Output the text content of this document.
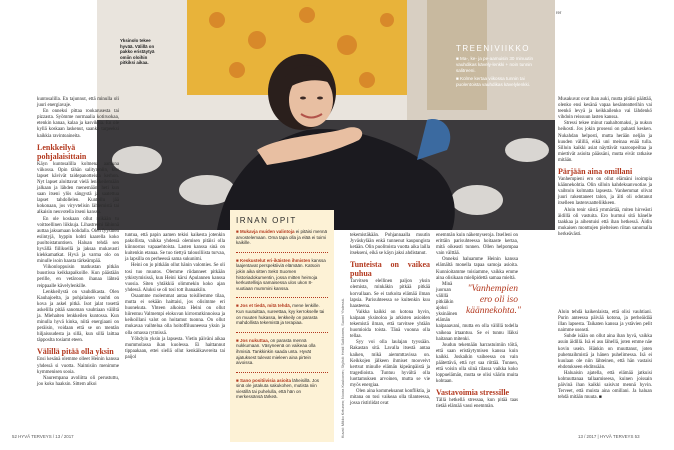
Yksinolo tekee hyvää. Välillä on pakko eristäytyä omiin oloihin pitkiksi aikaa.
rer
TREENIVIIKKO
■ Ma-, ke- ja pe-aamuisin 30 minuutin vauhdikas kävely-lenkki + noin tunnin salitreeni.
■ Kolme kertaa viikossa tunnin tai puolentoista vauhdikas kävelylenkki.

kuntosalilla. En tajunnut, että minulla oli juuri energiavaje.

En onneksi pittaa rookarusesta tai pizzasta. Syömme normaalia kotiruokaa, etenkin kanaa, kalaa ja kasviksia. En ole kyllä koskaan laskenut, saanko tarpeeksi kaikkia ravintoaineita.

Lenkkeilyä pohjalaisittain

Käyn kuntosalilla kolmena aamuna viikossa. Opin tähän salityreniin, kun lapset kävivät taidepanotteista kerhon. Nyt lapset aloittavat vielä lenkkeilemään jalkaan ja lähden menemään, heti kun saan itseni ylös sängystä ja saatettua lapset tahdollelen. Kuntoilu jää kokonaan, jos viryvtelisin lähtemistä tai alkaisin neuvotella itseni kanssa.

En ole koskaan ollut mikään tu voittoellinen liikkuja. Lihastreeni lähinnä auttaa jaksamaan kohdalla. Olen fyysinen esiintyjä, hyppin kohti kaarella koko puoltoistatuntisen. Haluan tehdä sen hyvällä fiiliksellä ja jaksaa mukavasti kiekkamatkat. Hyvä ja varma olo on minulle isoin haasta tärkeämpää.

Viikonloppuisin matkustan pitkän buustissa keikkapaikoille. Kun päästään perille, en vetäroon ihanaa lähteä reippaalle kävelylenkille.

Lenkkeilystä on vauhdikasta. Olen Kauhajoelta, ja pohjalaisen vauhti on kova ja askel pitkä. Isot jalat tosettä askelilla pitää sanoman vauhtiaan väliltä ja. Miehaiten lenkkeilen kuntossa. Kun minulla hyvä kinka, niitä energiaani on peräisin, voidaan että se on mentän hiljaisuudesta ja sillä, kun sillä laittaa täpposlta tosiamt eteen.

Välillä pitää olla yksin

Ensi kesänä olemme olleet Heinin kanssa yhdessä si vuotta. Naimisiin menimme kymmenisen sooia.

Naurempana avoliitta oli perustuttu, joo koko haaksin. Sittem alkoi

tuntua, että papin aamen tekisi kaikesta jotenkin pakollista, vaikka yhdessä olemisen pitäisi olla kiinnostus vapaaehtoista. Lasten kanssa sinä on kuitenkin etanaa. Se tuo tiettyä talouslliista turvaa, ja lapsilla on perheessä sama sukunimi.

Heini on jo pitkään ollut hänin valomies. Se oli tosi tuo muutos. Olemme riidanneet pitkään ytkistymisissä, kun Heini kärsi Apulannen kanssa vuosia. Siten yhtäkkiä olimmekin koko ajan yhdessä. Aluksi se oli tosi tott ihanaakiin.

Osaamme molemmat antaa toisillemme tilaa, mutta ei sekään haittaisi, jos olisimme eri huonekuta. Yhteen alkoista Heini on ollut hiirentuu Valmempi elokuvan kirrostutkinnoissa ja keikoillani valot on hoitamut tuonna. On ollut mukavaa vaihtelua olla hoitoffiluuneessa yksin ja olla omassa rytmissä.

Yöhdyin yksin ja lapsesta. Vietin päiväni aikaa mummolassa ikan kuolessa. Ei haittannut tippaakaan, ettei siellä ollut kenkäikavereita tai paijol

IRNAN OPIT
■ Mukavja muiden valintoja ei pitäisi mennä arvostelemaan. Oma tapa olla ja elää ei toimi kaikille.
■ Keskustelut eri-ikäisten ihmisten kanssa laajentavat perspektiiviä elämään. Katsoin jokin aika sitten Sekö Suomen historiadokumentin, jossa mitten heimoja kerkustellisja samaisessa ulos ukon 8-vuotiaan mummini kanssa.
■ Jos et tiedä, mitä tehdä, mene lenkille. Kun suutuittaa, sureettaa, kyy kerrokselle tai on muuten hukassa, lenkkeily on parasta mahdollista tekemistä ja terapiaa.
■ Jos nukuttaa, on parasta mennä nukkumaan. Väsyneenä on vaikeaa olla ihmisiä. Tankkinkin saada unta. Hyvät ajatuksest tulevat mieleen aina pirtein aivoissa.
■ Sano positiivisia asioita läheisillä. Jos sinä ole jotakuta sakukohen, mutista niin viestillä tai puhelulla, että hän on merkessänsä tärkeä.	Kuvat: Mikko Ketunen; Noora Kaukonen; Stylisti: Heidi Saikkonen, Suomi Yhdessä.

tekemistäkään. Pohjannaalla muutin Jyväskylään enkä tunnenut kaupungista ketään. Olin puolitoista vuotta aika lailla itsekseni, eikä se käyn jaksi ahdistanut.

Tunteista on vaikea puhua

Tarvitsen elellinen paljon yksin olemista, minkäkin pitkää pitkää korvallaan. Se ei tarkoita elämää ilman lapsia. Parisuhteessa se kuitenkin kuu haasteena.

Vaikka kaikki on kotona hyvin, kaipaan yksinoloa ja arkisten asioiden tekemistä ilman, että tarvitsee yhtään huomioida toista. Tänä vuonna olla tellaa.

Syy voi olla laulajan tyyssään. Rakastan sitä. Lavalla itsestä antaa kaiken, mikä aiemmttavissa on. Keikkojen jälkeen ihmiset mooveivt kertsut minulle elämän kipeänpäistä ja tragedioista. Tuntuu hyvältä olla luottamuksen arvoinen, mutta se vie myös energiaa.

Olen aina kommeksanut konfliktia, ja mitana on tosi vaikeaa olla tilanteessa, jossa ristiriidat ovat

enemmän kuin näkemyseroja. Itselleni on erittäin parisuhteessa hoitaaste kertaa, mitä oikeasti tunnen. Ollen helpompaa vain välttää.

Onneksi haluamme Heinin kanssa elämältä monella tapaa samoja asioita. Kunnioitamme toisiamme, vaikka emme aina olisikaan mielipidettä samaa mieltä.

"Vanhempien ero oli iso käännekohta."

Minä juoruan välillä pitkiäkin ajoksi yksinäinen elämän kaipaaavani, mutta en olla välillä todella vaikeaa irtaantuu. Se ei tunnu lläksi haitanan mitenki.

Joudun tekemään harrastuimiin töitä, että saan eristäytymisen kanssa kuin kaikki. Joskaikin vaiheessa on vain päätettävä, että nyt saa riittää. Tunnen, että voisin olla siinä tilassa vaikka koko loppuelämän, mutta se olisi väärin muita kohtaan.

Vastavoimia stressille

Tällä hetkellä stressaa, kun pitää taas tietää elämää vassi enemmän.

Musakuvat ovat ihan auki, mutta pitäisi päättää, olenko ensi kesänä vapaa kesänteatterihin vai teenkö levyä ja keikkailenko vai lähdenkö vihdoin reissuun lasten kanssa.

Stressi tekee minut raahaltomaksi, ja nukun heikosti. Jos jokin prosessi on pahasti kesken. Nukahdan helposti, mutta herään neljän ja kuuden välillä, eikä uni meinaa enää tulla. Silloin kaikki asiat näyttävät vaaroopeiltaa ja miettivät asioita päässäni, mutta eivät ratkaise mitään.

Pärjään aina omillani

Vanhempieni ero on ollut elämäni isoimpia käännekohtia. Olin silloin kahdeksanvuotias ja vaihtoin kolmatta lapsesta. Vanhemmat olivat juuri rakentaneet talon, ja äiti oli odotanut itselleen lastenvaatteliikkeen.

Aloin tenir siistä ymmärtää, miten hirveästi äidillä oli vastuita. Ero hurmui sitä hänelle taakkaa ja aihentuisi että ihan hetkessä. Äidin mukaisen monttujen pielteisen riitan sanomalla herkeävästi.

Aloin tehdä kaikenlaista, että olisi vauhtiani. Purin anteessa päivää kotona, ja perheäidää illan lapsesta. Taikaten kanssa ja ystävien pelit naimme useasti.

Suhde isään on ollut aina ihan hyvä, vaikka asuin äidillä. Isä ei asu lähellä, joten emme näe kovin usein. Hänkin on muuttanut, joten puhemaihmistä ja hänen puhelimessa. Isä ei kuulaan ole niin lähteinen, että hän vastaisi ehdotukseen ehditssään.

Haluaisin ajatella, että elämää jatkuisi kohtuuttanaa tallaamiseesa, kuinen joissain päivinä ihan kaikki saisivat mennä hyvin. Terveet, että muista aina omillani. Ja haluan tehdä mitään muuta. ■

52 HYVÄ TERVEYS / 13 / 2017	13 / 2017 | HYVÄ TERVEYS 53
